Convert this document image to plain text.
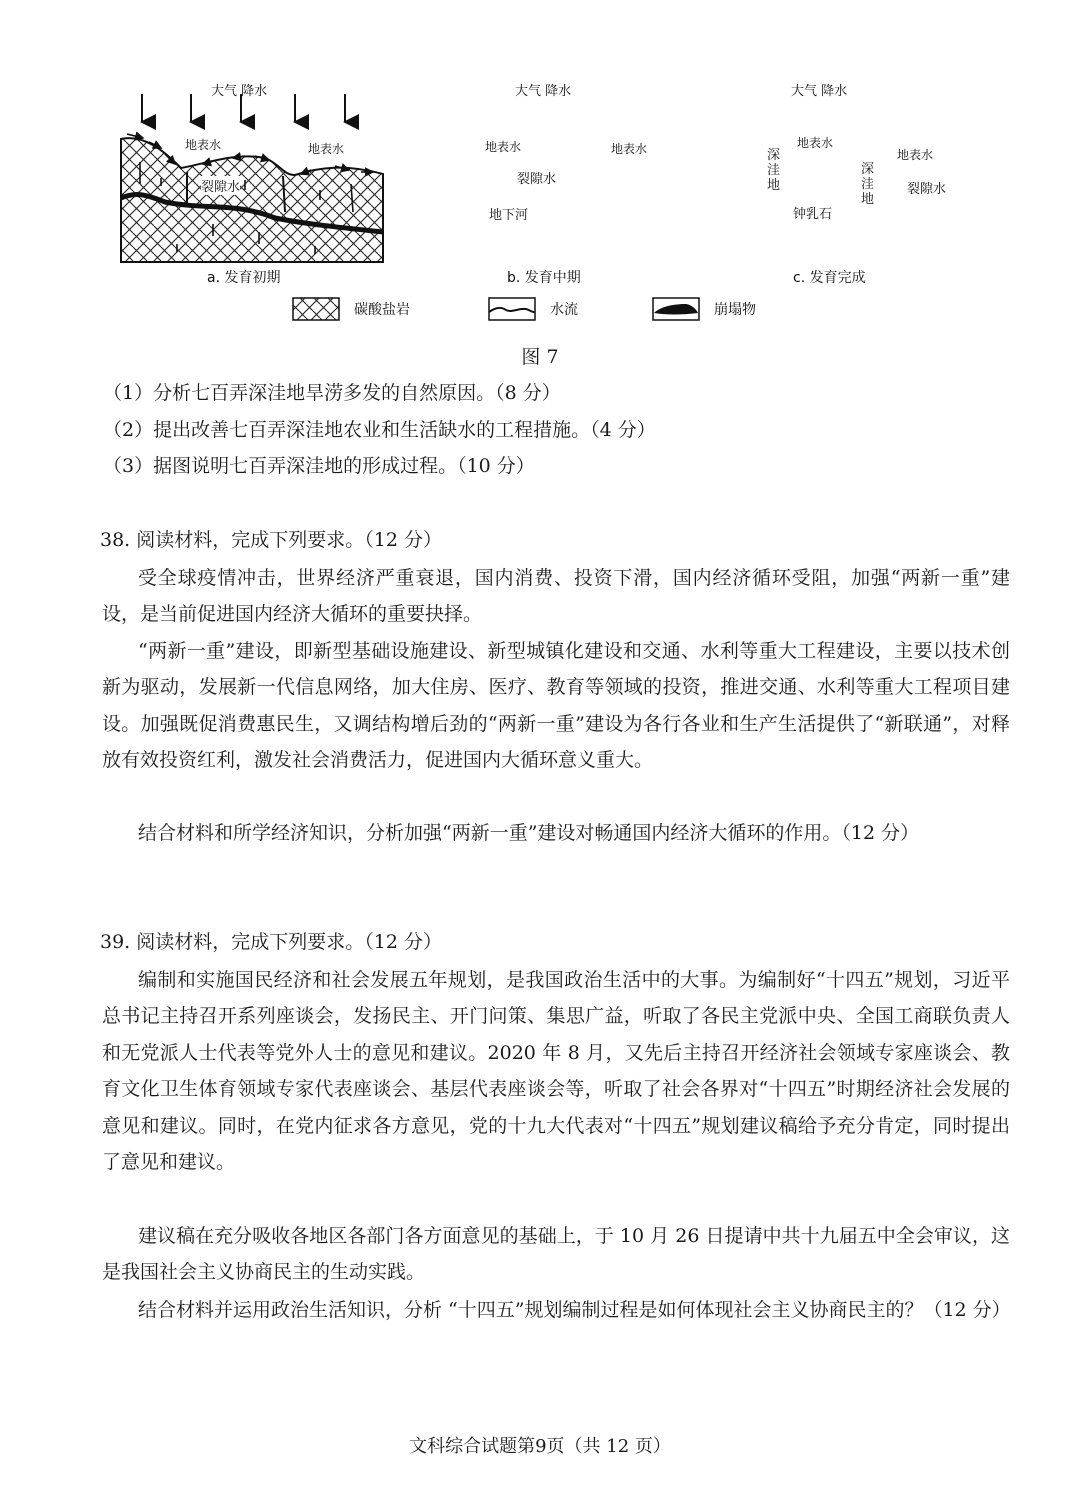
大气 降水
地表水	地表水
裂隙水
a. 发育初期
大气 降水
地表水	地表水
裂隙水
地下河
b. 发育中期
大气 降水
地表水
地表水
裂隙水
深洼地
深洼地
钟乳石
c. 发育完成
碳酸盐岩	水流	崩塌物
图 7
（1）分析七百弄深洼地旱涝多发的自然原因。（8 分）
（2）提出改善七百弄深洼地农业和生活缺水的工程措施。（4 分）
（3）据图说明七百弄深洼地的形成过程。（10 分）
38. 阅读材料，完成下列要求。（12 分）
受全球疫情冲击，世界经济严重衰退，国内消费、投资下滑，国内经济循环受阻，加强“两新一重”建设，是当前促进国内经济大循环的重要抉择。
“两新一重”建设，即新型基础设施建设、新型城镇化建设和交通、水利等重大工程建设，主要以技术创新为驱动，发展新一代信息网络，加大住房、医疗、教育等领域的投资，推进交通、水利等重大工程项目建设。加强既促消费惠民生，又调结构增后劲的“两新一重”建设为各行各业和生产生活提供了“新联通”，对释放有效投资红利，激发社会消费活力，促进国内大循环意义重大。
结合材料和所学经济知识，分析加强“两新一重”建设对畅通国内经济大循环的作用。（12 分）
39. 阅读材料，完成下列要求。（12 分）
编制和实施国民经济和社会发展五年规划，是我国政治生活中的大事。为编制好“十四五”规划，习近平总书记主持召开系列座谈会，发扬民主、开门问策、集思广益，听取了各民主党派中央、全国工商联负责人和无党派人士代表等党外人士的意见和建议。2020 年 8 月，又先后主持召开经济社会领域专家座谈会、教育文化卫生体育领域专家代表座谈会、基层代表座谈会等，听取了社会各界对“十四五”时期经济社会发展的意见和建议。同时，在党内征求各方意见，党的十九大代表对“十四五”规划建议稿给予充分肯定，同时提出了意见和建议。
建议稿在充分吸收各地区各部门各方面意见的基础上，于 10 月 26 日提请中共十九届五中全会审议，这是我国社会主义协商民主的生动实践。
结合材料并运用政治生活知识，分析 “十四五”规划编制过程是如何体现社会主义协商民主的？（12 分）
文科综合试题第9页（共 12 页）
